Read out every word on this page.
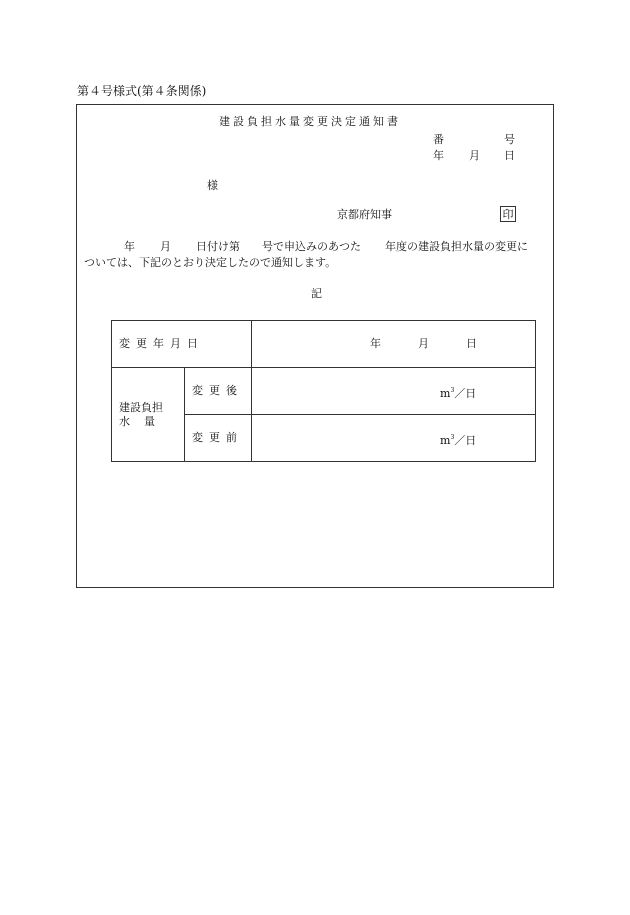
第４号様式(第４条関係)
建設負担水量変更決定通知書
番	号
年 月 日
様
京都府知事	印
年 月 日付け第 号で申込みのあつた 年度の建設負担水量の変更に
ついては、下記のとおり決定したので通知します。
記
変更年月日		年 月 日

建設負担
水量	変更後	$m^3/$日

	変更前	$m^3/$日
